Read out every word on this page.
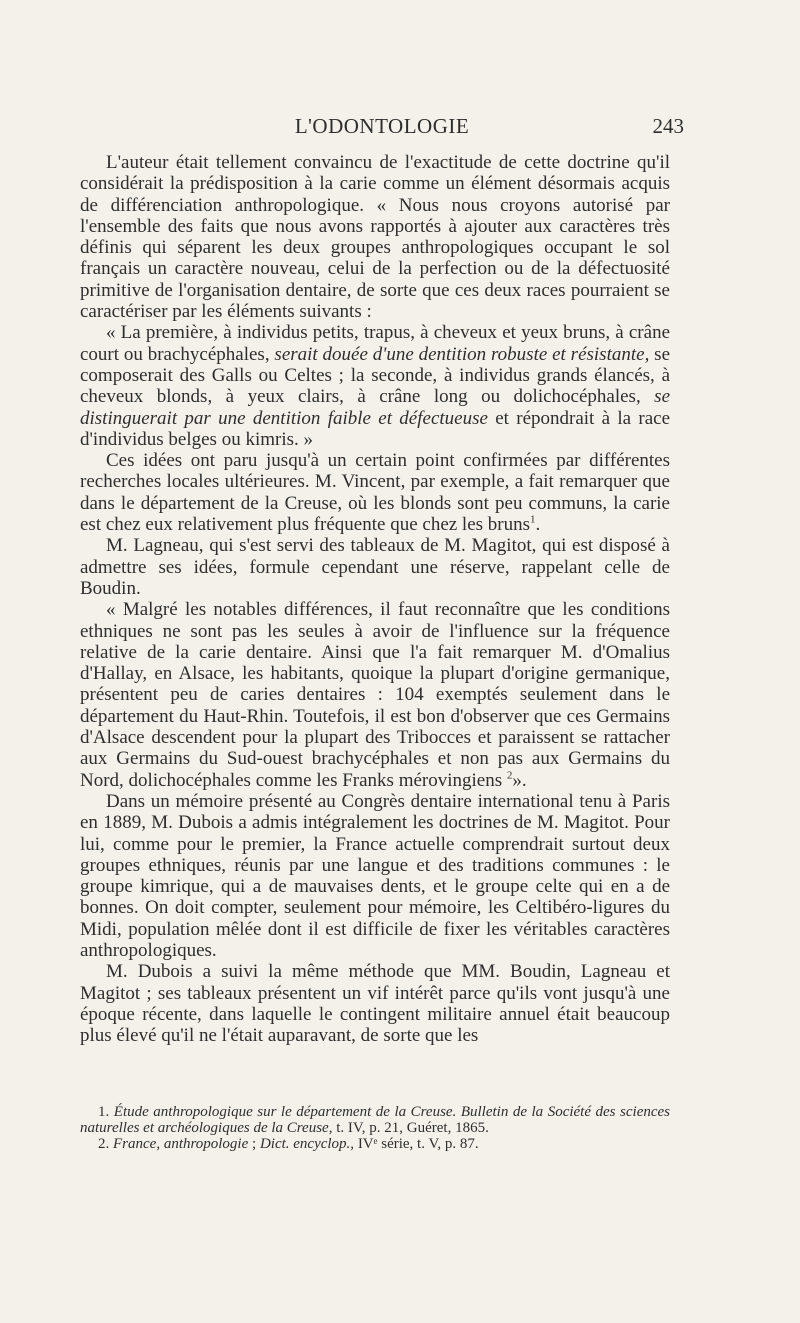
L'ODONTOLOGIE	243

L'auteur était tellement convaincu de l'exactitude de cette doctrine qu'il considérait la prédisposition à la carie comme un élément désormais acquis de différenciation anthropologique. « Nous nous croyons autorisé par l'ensemble des faits que nous avons rapportés à ajouter aux caractères très définis qui séparent les deux groupes anthropologiques occupant le sol français un caractère nouveau, celui de la perfection ou de la défectuosité primitive de l'organisation dentaire, de sorte que ces deux races pourraient se caractériser par les éléments suivants :

« La première, à individus petits, trapus, à cheveux et yeux bruns, à crâne court ou brachycéphales, serait douée d'une dentition robuste et résistante, se composerait des Galls ou Celtes ; la seconde, à individus grands élancés, à cheveux blonds, à yeux clairs, à crâne long ou dolichocéphales, se distinguerait par une dentition faible et défectueuse et répondrait à la race d'individus belges ou kimris. »

Ces idées ont paru jusqu'à un certain point confirmées par différentes recherches locales ultérieures. M. Vincent, par exemple, a fait remarquer que dans le département de la Creuse, où les blonds sont peu communs, la carie est chez eux relativement plus fréquente que chez les bruns$^1$.

M. Lagneau, qui s'est servi des tableaux de M. Magitot, qui est disposé à admettre ses idées, formule cependant une réserve, rappelant celle de Boudin.

« Malgré les notables différences, il faut reconnaître que les conditions ethniques ne sont pas les seules à avoir de l'influence sur la fréquence relative de la carie dentaire. Ainsi que l'a fait remarquer M. d'Omalius d'Hallay, en Alsace, les habitants, quoique la plupart d'origine germanique, présentent peu de caries dentaires : 104 exemptés seulement dans le département du Haut-Rhin. Toutefois, il est bon d'observer que ces Germains d'Alsace descendent pour la plupart des Tribocces et paraissent se rattacher aux Germains du Sud-ouest brachycéphales et non pas aux Germains du Nord, dolichocéphales comme les Franks mérovingiens $^2$».

Dans un mémoire présenté au Congrès dentaire international tenu à Paris en 1889, M. Dubois a admis intégralement les doctrines de M. Magitot. Pour lui, comme pour le premier, la France actuelle comprendrait surtout deux groupes ethniques, réunis par une langue et des traditions communes : le groupe kimrique, qui a de mauvaises dents, et le groupe celte qui en a de bonnes. On doit compter, seulement pour mémoire, les Celtibéro-ligures du Midi, population mêlée dont il est difficile de fixer les véritables caractères anthropologiques.

M. Dubois a suivi la même méthode que MM. Boudin, Lagneau et Magitot ; ses tableaux présentent un vif intérêt parce qu'ils vont jusqu'à une époque récente, dans laquelle le contingent militaire annuel était beaucoup plus élevé qu'il ne l'était auparavant, de sorte que les

1. Étude anthropologique sur le département de la Creuse. Bulletin de la Société des sciences naturelles et archéologiques de la Creuse, t. IV, p. 21, Guéret, 1865.

2. France, anthropologie ; Dict. encyclop., IVᵉ série, t. V, p. 87.
